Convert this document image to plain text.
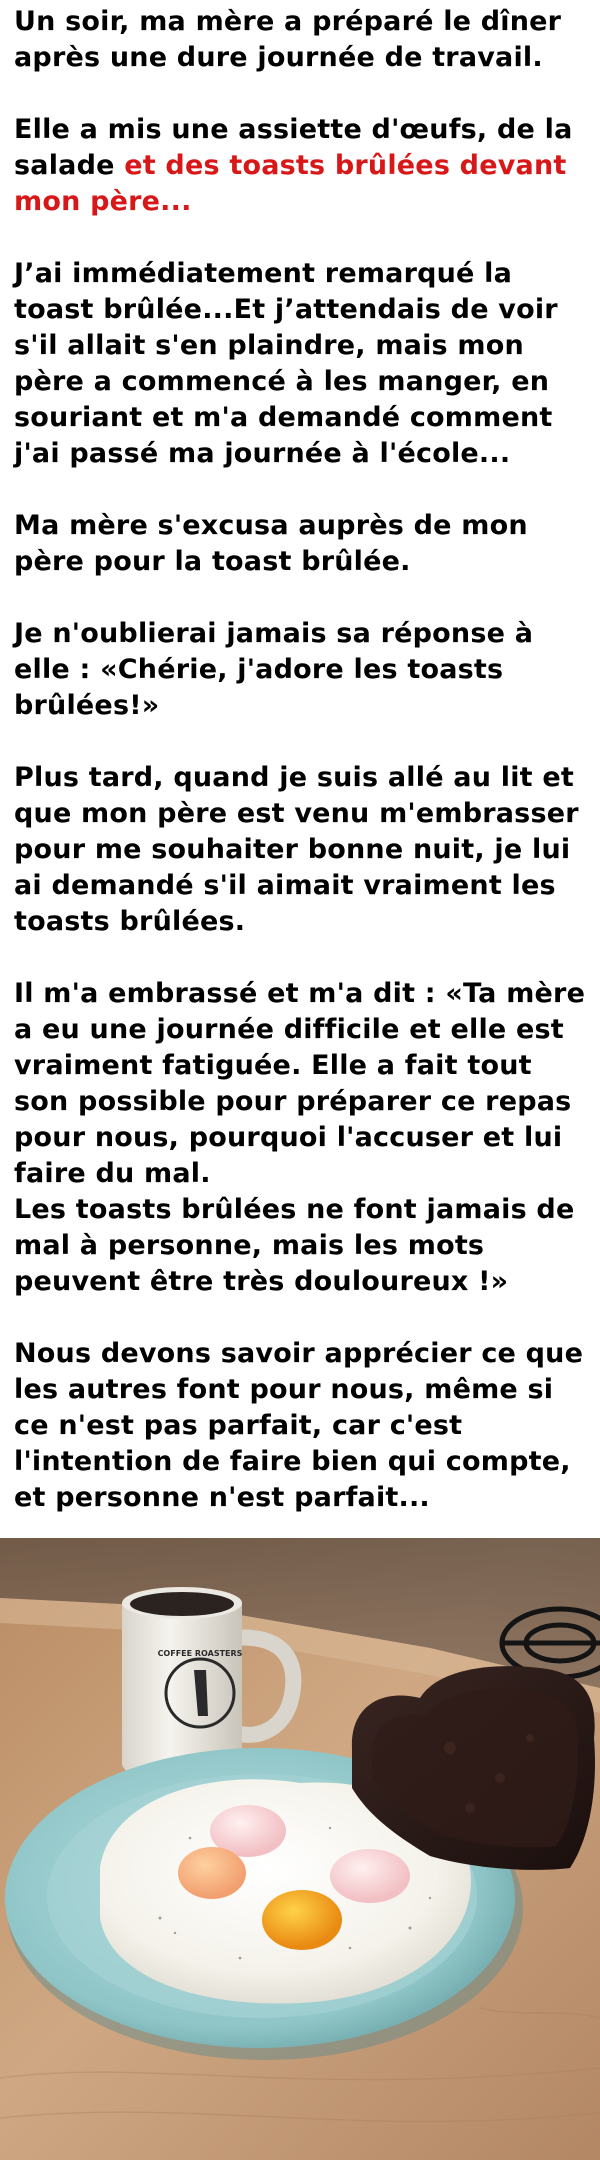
Un soir, ma mère a préparé le dîner après une dure journée de travail.

Elle a mis une assiette d'œufs, de la salade et des toasts brûlées devant mon père...

J’ai immédiatement remarqué la toast brûlée...Et j’attendais de voir s'il allait s'en plaindre, mais mon père a commencé à les manger, en souriant et m'a demandé comment j'ai passé ma journée à l'école...

Ma mère s'excusa auprès de mon père pour la toast brûlée.

Je n'oublierai jamais sa réponse à elle : «Chérie, j'adore les toasts brûlées!»

Plus tard, quand je suis allé au lit et que mon père est venu m'embrasser pour me souhaiter bonne nuit, je lui ai demandé s'il aimait vraiment les toasts brûlées.

Il m'a embrassé et m'a dit : «Ta mère a eu une journée difficile et elle est vraiment fatiguée. Elle a fait tout son possible pour préparer ce repas pour nous, pourquoi l'accuser et lui faire du mal.
Les toasts brûlées ne font jamais de mal à personne, mais les mots peuvent être très douloureux !»

Nous devons savoir apprécier ce que les autres font pour nous, même si ce n'est pas parfait, car c'est l'intention de faire bien qui compte, et personne n'est parfait...

COFFEE ROASTERS
